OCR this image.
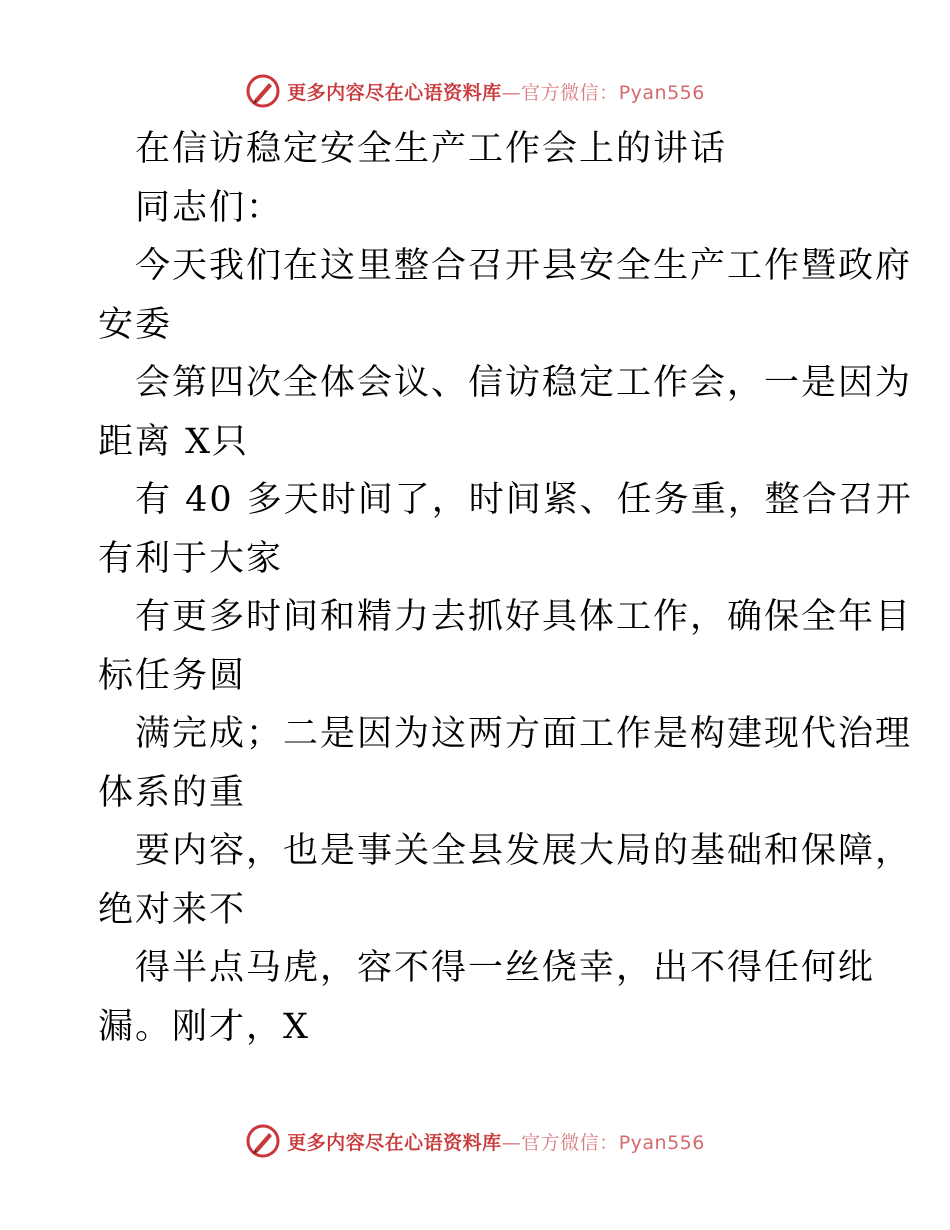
更多内容尽在心语资料库—官方微信：Pyan556
在信访稳定安全生产工作会上的讲话
同志们：
今天我们在这里整合召开县安全生产工作暨政府
安委
会第四次全体会议、信访稳定工作会，一是因为
距离 X只
有 40 多天时间了，时间紧、任务重，整合召开
有利于大家
有更多时间和精力去抓好具体工作，确保全年目
标任务圆
满完成；二是因为这两方面工作是构建现代治理
体系的重
要内容，也是事关全县发展大局的基础和保障，
绝对来不
得半点马虎，容不得一丝侥幸，出不得任何纰
漏。刚才，X
更多内容尽在心语资料库—官方微信：Pyan556
